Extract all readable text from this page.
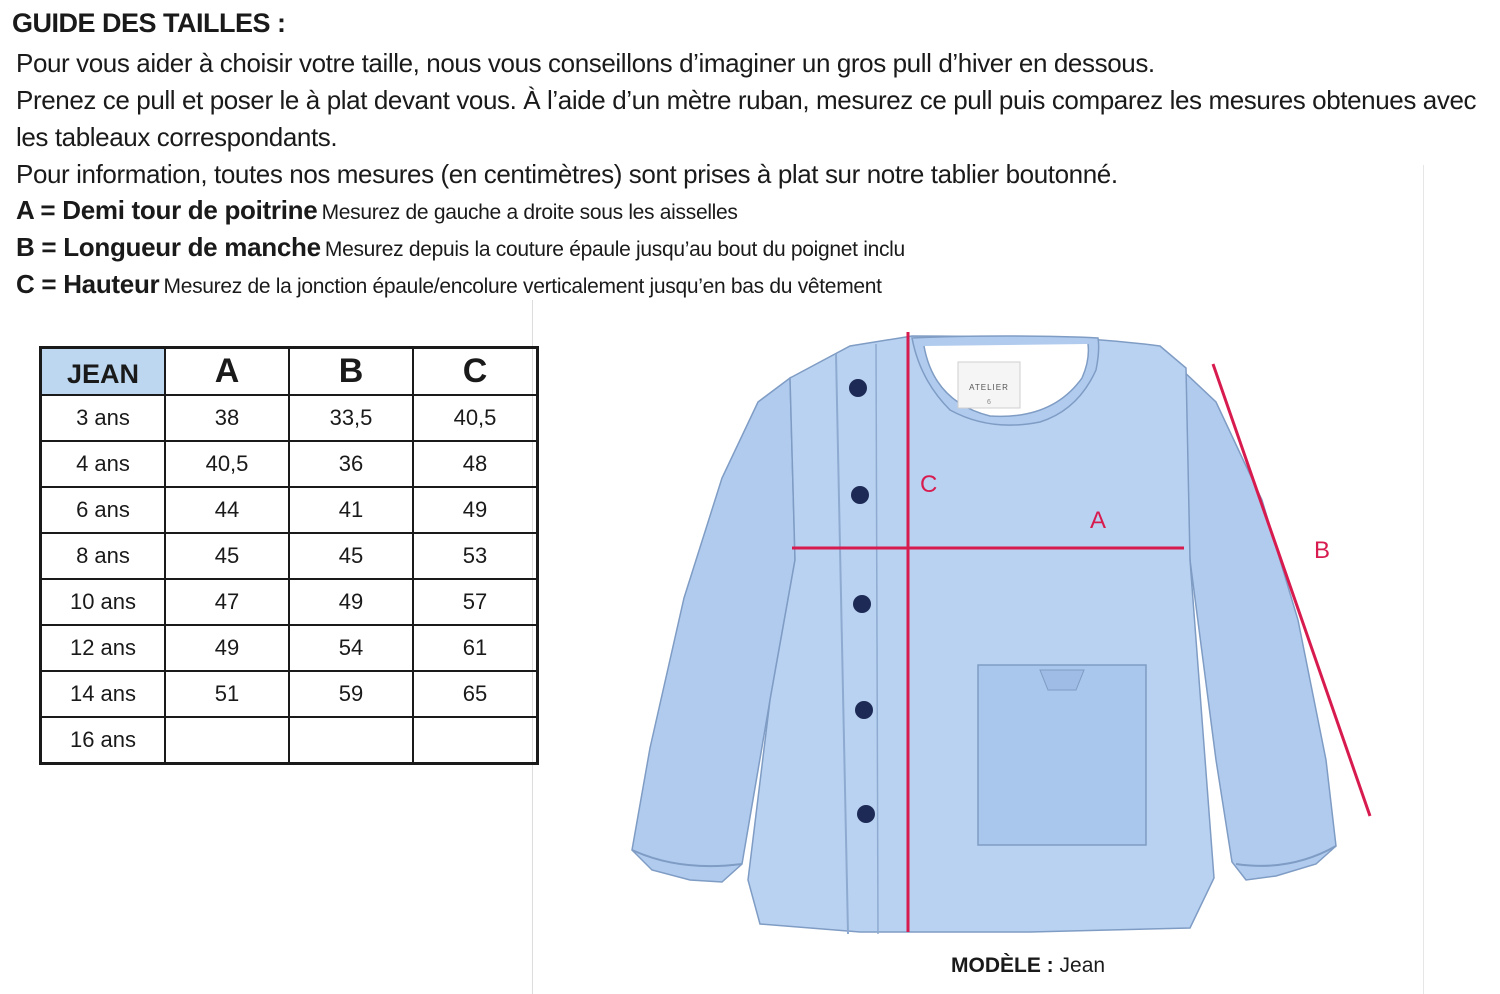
GUIDE DES TAILLES :
Pour vous aider à choisir votre taille, nous vous conseillons d’imaginer un gros pull d’hiver en dessous.
Prenez ce pull et poser le à plat devant vous. À l’aide d’un mètre ruban, mesurez ce pull puis comparez les mesures obtenues avec les tableaux correspondants.
Pour information, toutes nos mesures (en centimètres) sont prises à plat sur notre tablier boutonné.
A = Demi tour de poitrine Mesurez de gauche a droite sous les aisselles
B = Longueur de manche Mesurez depuis la couture épaule jusqu’au bout du poignet inclu
C = Hauteur Mesurez de la jonction épaule/encolure verticalement jusqu’en bas du vêtement
JEAN	A	B	C
3 ans	38	33,5	40,5
4 ans	40,5	36	48
6 ans	44	41	49
8 ans	45	45	53
10 ans	47	49	57
12 ans	49	54	61
14 ans	51	59	65
16 ans			
ATELIER
6
C
A
B
MODÈLE : Jean
